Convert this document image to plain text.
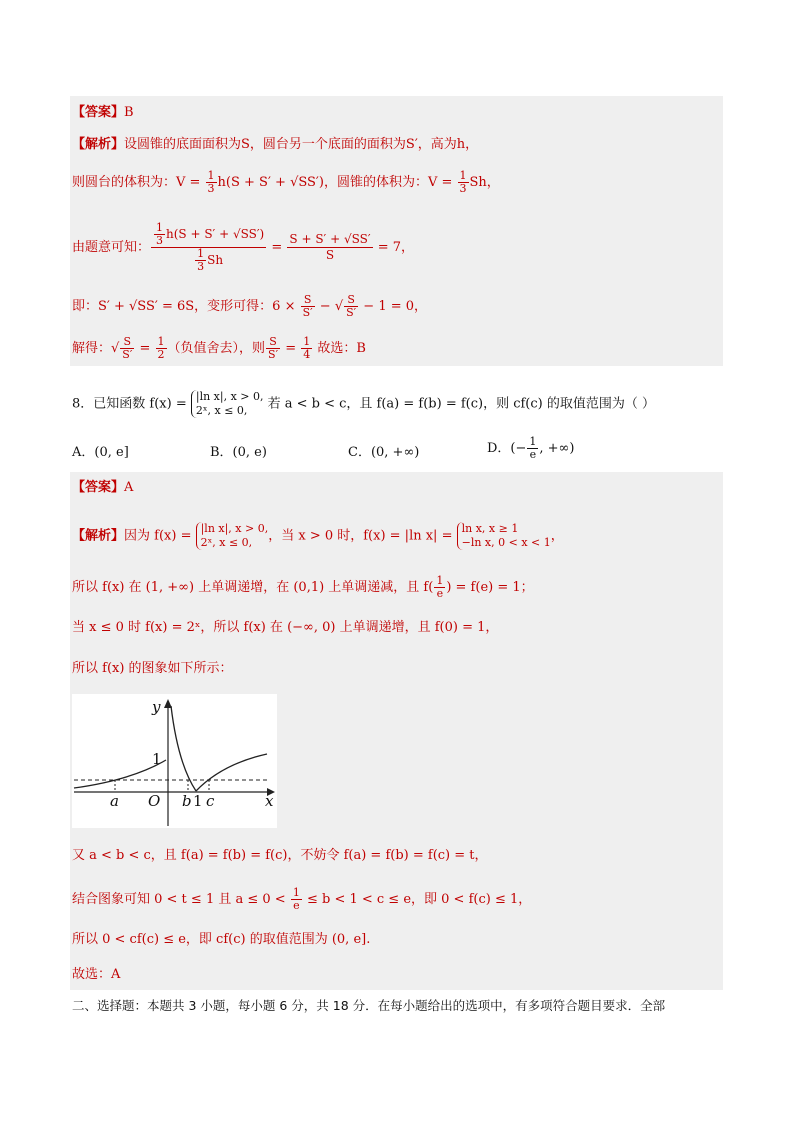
【答案】B
【解析】设圆锥的底面面积为S，圆台另一个底面的面积为S′，高为h，
则圆台的体积为：$V = \frac{1}{3} h(S + S' + √SS')$，圆锥的体积为：$V = \frac{1}{3}$ Sh，
由题意可知： $\frac{\frac{1}{3} h(S + S' + √SS')}{\frac{1}{3} Sh} = \frac{S + S' + √SS'}{S} = 7$，
即：S′ + √SS′ = 6S，变形可得：$6 \times \frac{S}{S'}$ − √ $\frac{S}{S'} - 1 = 0$，
解得：√ $\frac{S}{S'} = \frac{1}{2}$ （负值舍去），则 $\frac{S}{S'} = \frac{1}{4}$ 故选：B
8．已知函数 f(x) = |ln x|, x > 0,
2ˣ, x ≤ 0,	若 a < b < c，且 f(a) = f(b) = f(c)，则 cf(c) 的取值范围为（ ）
A．(0, e]	B．(0, e)	C．(0, +∞)	D．(− $\frac{1}{e}$ , +∞)
【答案】A
【解析】因为 f(x) = |ln x|, x > 0,
2ˣ, x ≤ 0,	，当 x > 0 时，f(x) = |ln x| = ln x, x ≥ 1
−ln x, 0 < x < 1 ，
所以 f(x) 在 (1, +∞) 上单调递增，在 (0,1) 上单调递减，且 $f( \frac{1}{e}$ ) = f(e) = 1；
当 x ≤ 0 时 f(x) = 2ˣ，所以 f(x) 在 (−∞, 0) 上单调递增，且 f(0) = 1，
所以 f(x) 的图象如下所示：
y
x
1
a O b 1 c
又 a < b < c，且 f(a) = f(b) = f(c)，不妨令 f(a) = f(b) = f(c) = t，
结合图象可知 0 < t ≤ 1 且 $a \le 0 < \frac{1}{e} \le b < 1 < c \le e$，即 0 < f(c) ≤ 1，
所以 0 < cf(c) ≤ e，即 cf(c) 的取值范围为 (0, e].
故选：A
二、选择题：本题共 3 小题，每小题 6 分，共 18 分．在每小题给出的选项中，有多项符合题目要求．全部
